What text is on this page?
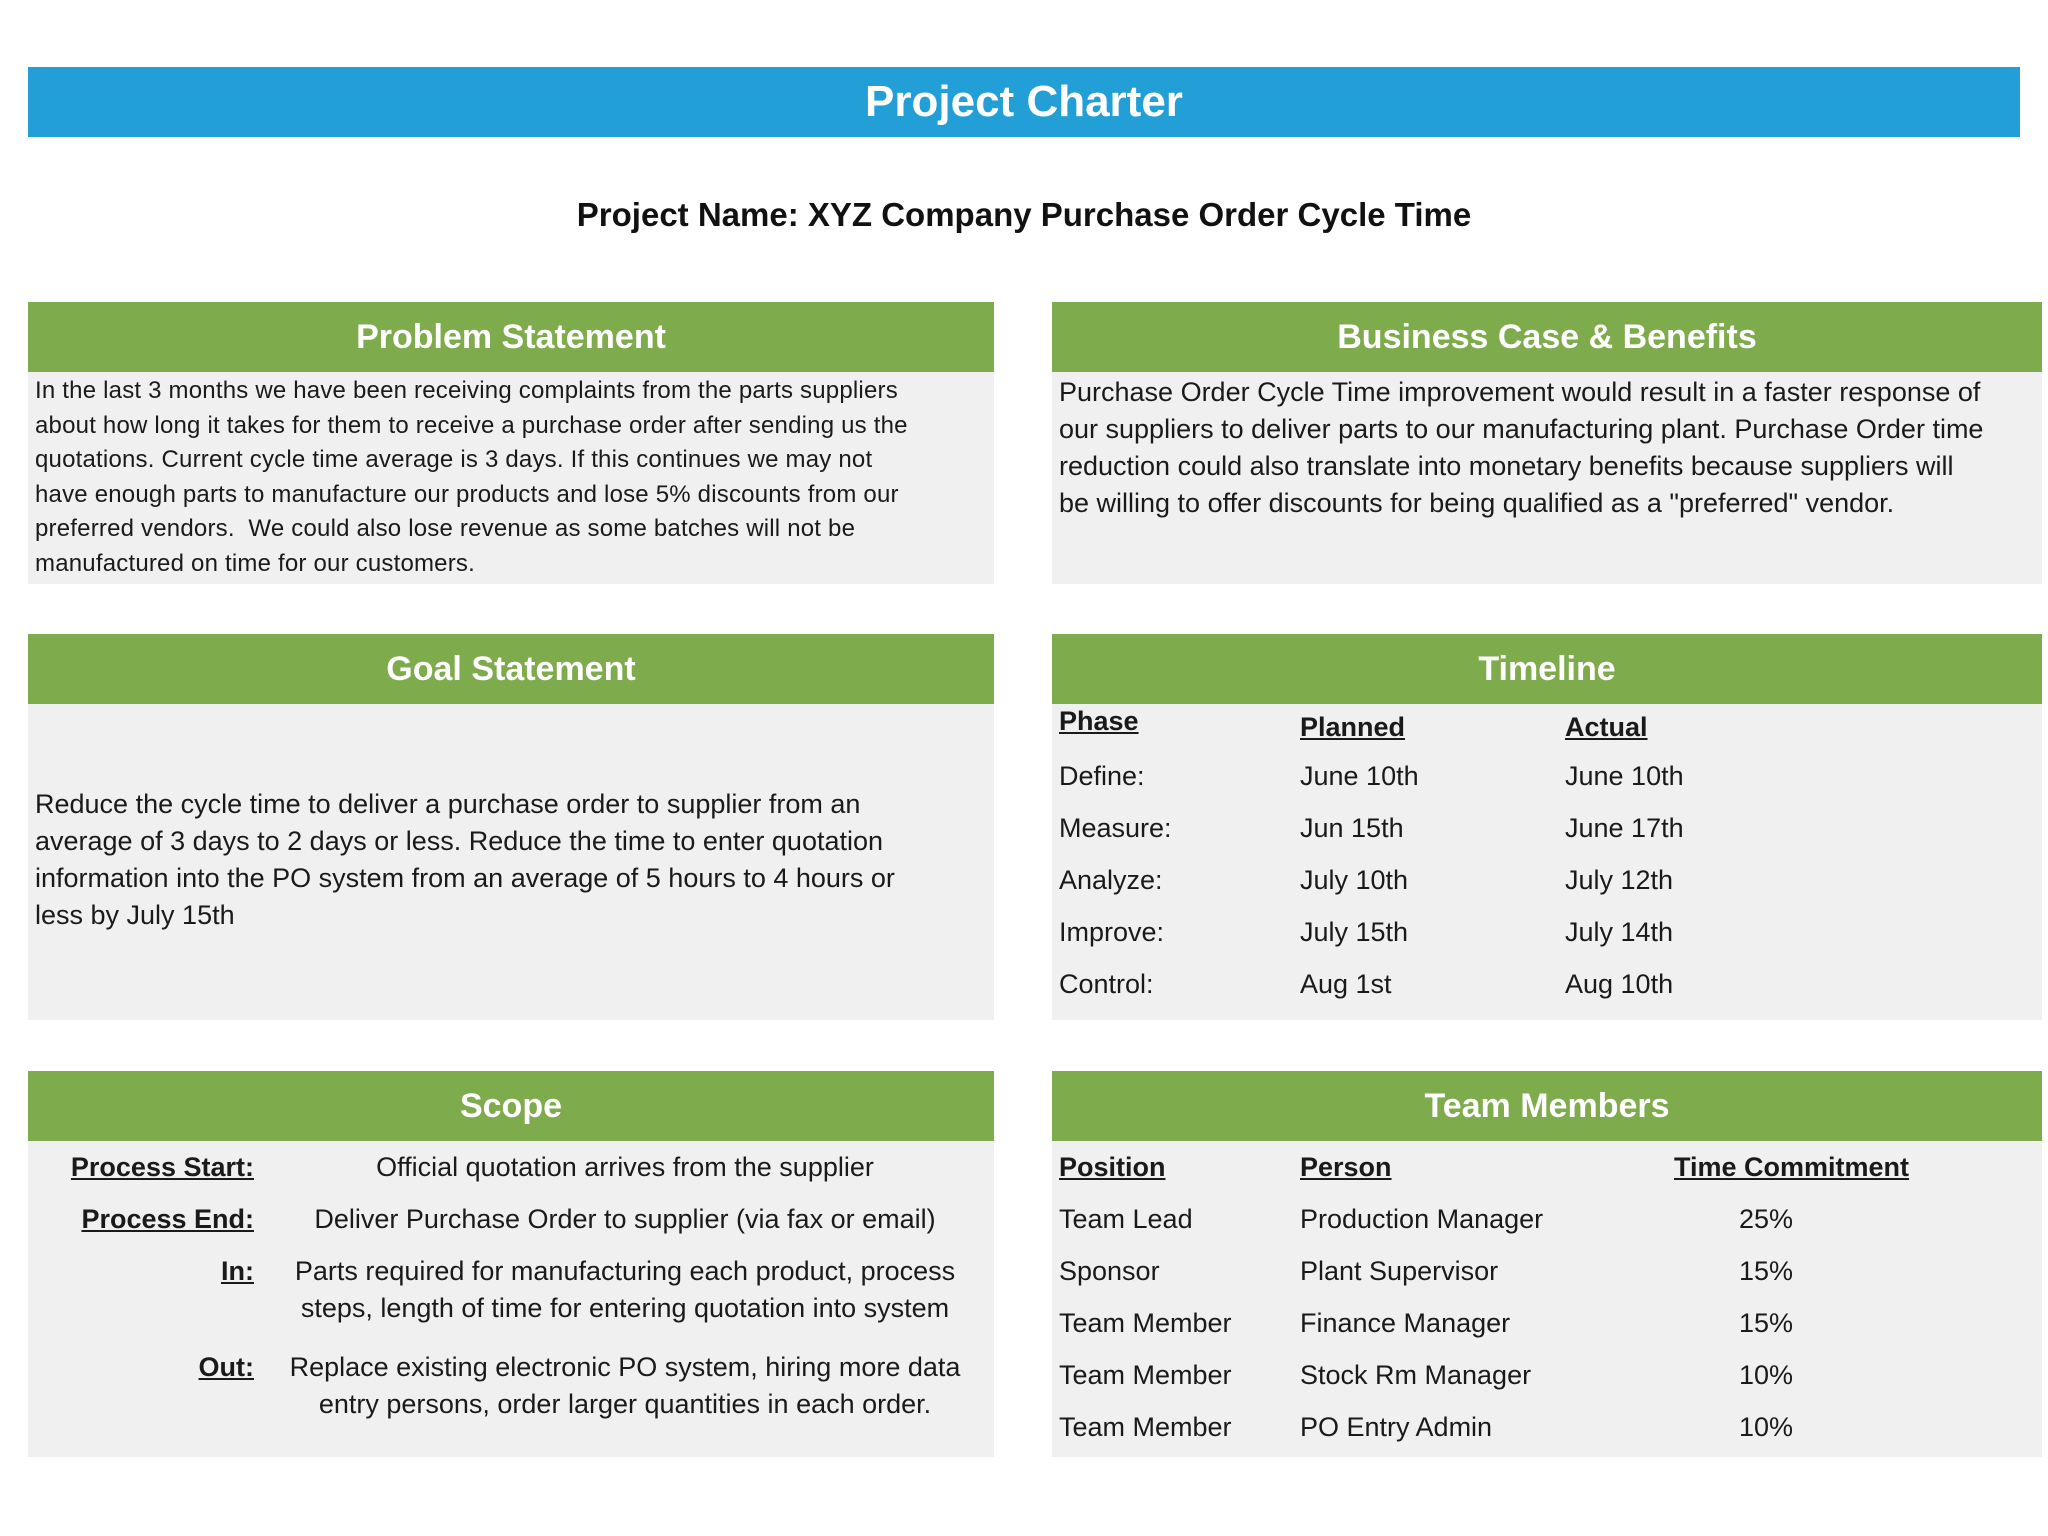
Project Charter
Project Name: XYZ Company Purchase Order Cycle Time
Problem Statement
In the last 3 months we have been receiving complaints from the parts suppliers
about how long it takes for them to receive a purchase order after sending us the
quotations. Current cycle time average is 3 days. If this continues we may not
have enough parts to manufacture our products and lose 5% discounts from our
preferred vendors.  We could also lose revenue as some batches will not be
manufactured on time for our customers.
Business Case & Benefits
Purchase Order Cycle Time improvement would result in a faster response of
our suppliers to deliver parts to our manufacturing plant. Purchase Order time
reduction could also translate into monetary benefits because suppliers will
be willing to offer discounts for being qualified as a "preferred" vendor.
Goal Statement
Reduce the cycle time to deliver a purchase order to supplier from an
average of 3 days to 2 days or less. Reduce the time to enter quotation
information into the PO system from an average of 5 hours to 4 hours or
less by July 15th
Timeline
Phase	Planned	Actual
Define:	June 10th	June 10th
Measure:	Jun 15th	June 17th
Analyze:	July 10th	July 12th
Improve:	July 15th	July 14th
Control:	Aug 1st	Aug 10th
Scope
Process Start:	Official quotation arrives from the supplier
Process End:	Deliver Purchase Order to supplier (via fax or email)
In:	Parts required for manufacturing each product, process
steps, length of time for entering quotation into system
Out:	Replace existing electronic PO system, hiring more data
entry persons, order larger quantities in each order.
Team Members
Position	Person	Time Commitment
Team Lead	Production Manager	25%
Sponsor	Plant Supervisor	15%
Team Member	Finance Manager	15%
Team Member	Stock Rm Manager	10%
Team Member	PO Entry Admin	10%
